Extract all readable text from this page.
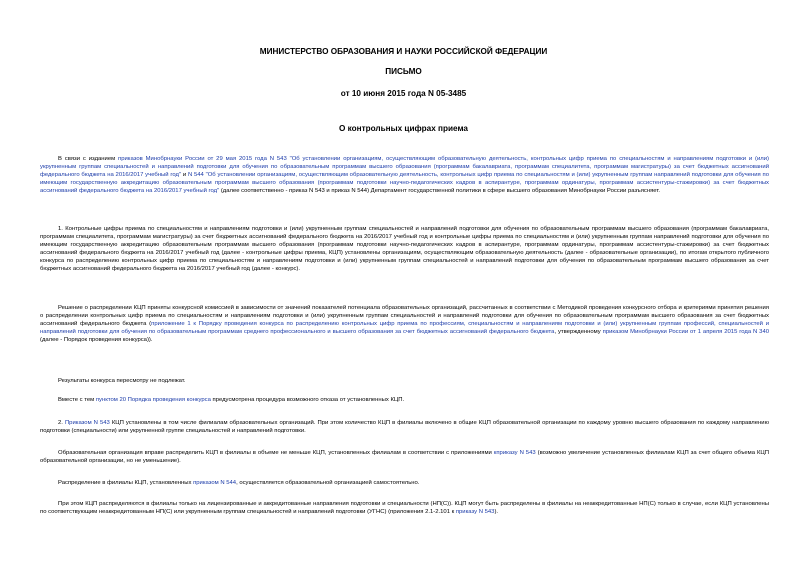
МИНИСТЕРСТВО ОБРАЗОВАНИЯ И НАУКИ РОССИЙСКОЙ ФЕДЕРАЦИИ
ПИСЬМО
от 10 июня 2015 года N 05-3485
О контрольных цифрах приема
В связи с изданием приказов Минобрнауки России от 29 мая 2015 года N 543 "Об установлении организациям, осуществляющим образовательную деятельность, контрольных цифр приема по специальностям и направлениям подготовки и (или) укрупненным группам специальностей и направлений подготовки для обучения по образовательным программам высшего образования (программам бакалавриата, программам специалитета, программам магистратуры) за счет бюджетных ассигнований федерального бюджета на 2016/2017 учебный год" и N 544 "Об установлении организациям, осуществляющим образовательную деятельность, контрольных цифр приема по специальностям и (или) укрупненным группам направлений подготовки для обучения по имеющим государственную аккредитацию образовательным программам высшего образования (программам подготовки научно-педагогических кадров в аспирантуре, программам ординатуры, программам ассистентуры-стажировки) за счет бюджетных ассигнований федерального бюджета на 2016/2017 учебный год" (далее соответственно - приказ N 543 и приказ N 544) Департамент государственной политики в сфере высшего образования Минобрнауки России разъясняет.
1. Контрольные цифры приема по специальностям и направлениям подготовки и (или) укрупненным группам специальностей и направлений подготовки для обучения по образовательным программам высшего образования (программам бакалавриата, программам специалитета, программам магистратуры) за счет бюджетных ассигнований федерального бюджета на 2016/2017 учебный год и контрольные цифры приема по специальностям и (или) укрупненным группам направлений подготовки для обучения по имеющим государственную аккредитацию образовательным программам высшего образования (программам подготовки научно-педагогических кадров в аспирантуре, программам ординатуры, программам ассистентуры-стажировки) за счет бюджетных ассигнований федерального бюджета на 2016/2017 учебный год (далее - контрольные цифры приема, КЦП) установлены организациям, осуществляющим образовательную деятельность (далее - образовательные организации), по итогам открытого публичного конкурса по распределению контрольных цифр приема по специальностям и направлениям подготовки и (или) укрупненным группам специальностей и направлений подготовки для обучения по образовательным программам высшего образования за счет бюджетных ассигнований федерального бюджета на 2016/2017 учебный год (далее - конкурс).
Решение о распределении КЦП приняты конкурсной комиссией в зависимости от значений показателей потенциала образовательных организаций, рассчитанных в соответствии с Методикой проведения конкурсного отбора и критериями принятия решения о распределении контрольных цифр приема по специальностям и направлениям подготовки и (или) укрупненным группам специальностей и направлений подготовки для обучения по образовательным программам высшего образования за счет бюджетных ассигнований федерального бюджета (приложение 1 к Порядку проведения конкурса по распределению контрольных цифр приема по профессиям, специальностям и направлениям подготовки и (или) укрупненным группам профессий, специальностей и направлений подготовки для обучения по образовательным программам среднего профессионального и высшего образования за счет бюджетных ассигнований федерального бюджета, утвержденному приказом Минобрнауки России от 1 апреля 2015 года N 340 (далее - Порядок проведения конкурса)).
Результаты конкурса пересмотру не подлежат.
Вместе с тем пунктом 20 Порядка проведения конкурса предусмотрена процедура возможного отказа от установленных КЦП.
2. Приказом N 543 КЦП установлены в том числе филиалам образовательных организаций. При этом количество КЦП в филиалы включено в общие КЦП образовательной организации по каждому уровню высшего образования по каждому направлению подготовки (специальности) или укрупненной группе специальностей и направлений подготовки.
Образовательная организация вправе распределить КЦП в филиалы в объеме не меньше КЦП, установленных филиалам в соответствии с приложениями кприказу N 543 (возможно увеличение установленных филиалам КЦП за счет общего объема КЦП образовательной организации, но не уменьшение).
Распределение в филиалы КЦП, установленных приказом N 544, осуществляется образовательной организацией самостоятельно.
При этом КЦП распределяются в филиалы только на лицензированные и аккредитованные направления подготовки и специальности (НП(С)). КЦП могут быть распределены в филиалы на неаккредитованные НП(С) только в случае, если КЦП установлены по соответствующим неаккредитованным НП(С) или укрупненным группам специальностей и направлений подготовки (УГНС) (приложения 2.1-2.101 к приказу N 543).
